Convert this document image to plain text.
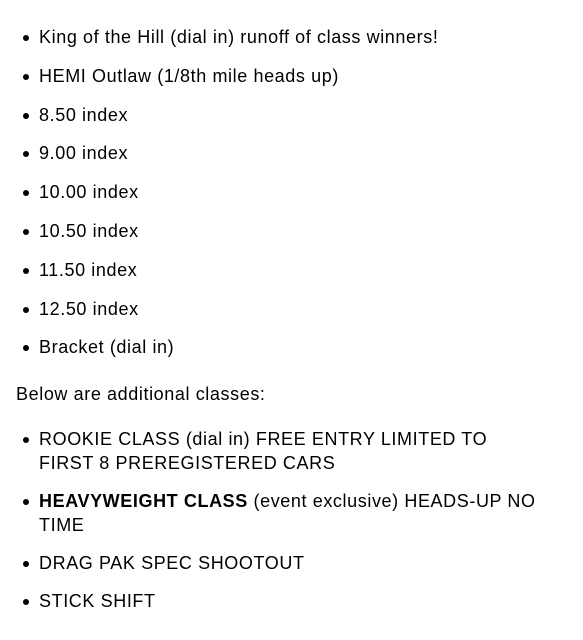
King of the Hill (dial in) runoff of class winners!
HEMI Outlaw (1/8th mile heads up)
8.50 index
9.00 index
10.00 index
10.50 index
11.50 index
12.50 index
Bracket (dial in)

Below are additional classes:

ROOKIE CLASS (dial in) FREE ENTRY LIMITED TO FIRST 8 PREREGISTERED CARS
HEAVYWEIGHT CLASS (event exclusive) HEADS-UP NO TIME
DRAG PAK SPEC SHOOTOUT
STICK SHIFT
